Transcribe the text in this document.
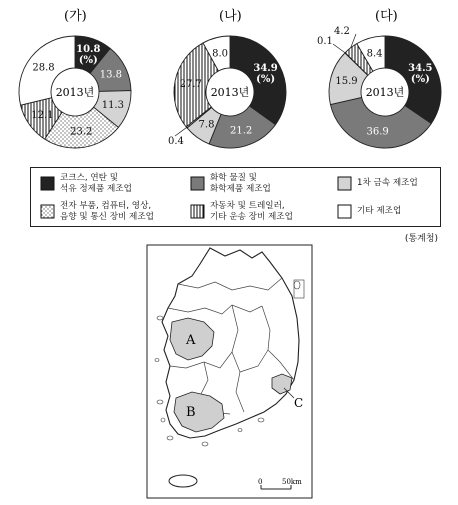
(가)
10.8 (%)
13.8
11.3
23.2
12.1
28.8
2013년
(나)
34.9 (%)
21.2
7.8
0.4
27.7
8.0
2013년
(다)
34.5 (%)
36.9
15.9
0.1
4.2
8.4
2013년
코크스, 연탄 및
석유 정제품 제조업
화학 물질 및
화학제품 제조업
1차 금속 제조업
전자 부품, 컴퓨터, 영상,
음향 및 통신 장비 제조업
자동차 및 트레일러,
기타 운송 장비 제조업
기타 제조업
(통계청)
A
B
C
0	50km
